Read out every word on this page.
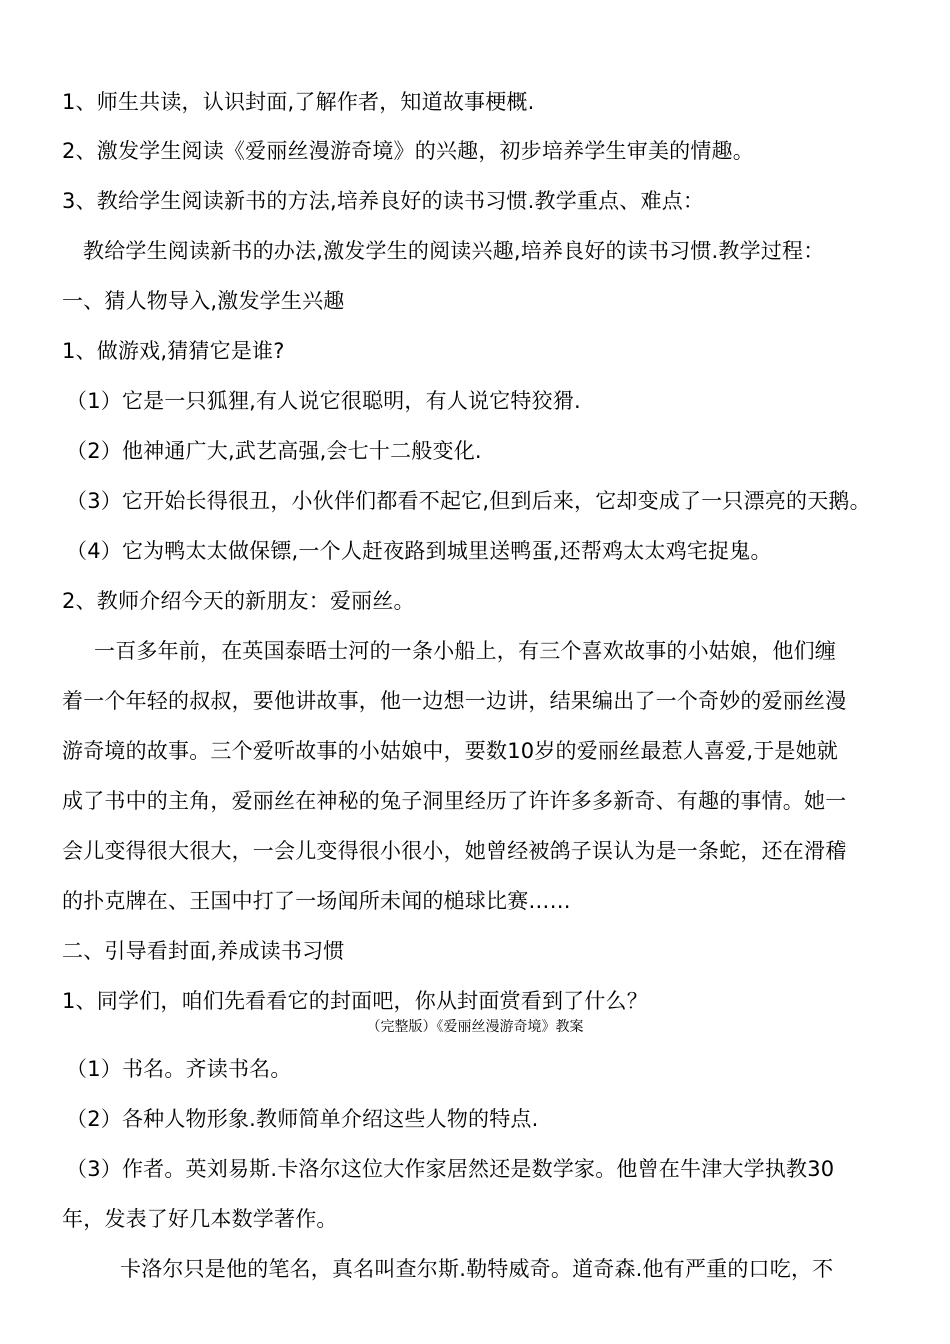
1、师生共读，认识封面,了解作者，知道故事梗概.
2、激发学生阅读《爱丽丝漫游奇境》的兴趣，初步培养学生审美的情趣。
3、教给学生阅读新书的方法,培养良好的读书习惯.教学重点、难点：
教给学生阅读新书的办法,激发学生的阅读兴趣,培养良好的读书习惯.教学过程：
一、猜人物导入,激发学生兴趣
1、做游戏,猜猜它是谁?
（1）它是一只狐狸,有人说它很聪明，有人说它特狡猾.
（2）他神通广大,武艺高强,会七十二般变化.
（3）它开始长得很丑，小伙伴们都看不起它,但到后来，它却变成了一只漂亮的天鹅。
（4）它为鸭太太做保镖,一个人赶夜路到城里送鸭蛋,还帮鸡太太鸡宅捉鬼。
2、教师介绍今天的新朋友：爱丽丝。
一百多年前，在英国泰晤士河的一条小船上，有三个喜欢故事的小姑娘，他们缠
着一个年轻的叔叔，要他讲故事，他一边想一边讲，结果编出了一个奇妙的爱丽丝漫
游奇境的故事。三个爱听故事的小姑娘中，要数10岁的爱丽丝最惹人喜爱,于是她就
成了书中的主角，爱丽丝在神秘的兔子洞里经历了许许多多新奇、有趣的事情。她一
会儿变得很大很大，一会儿变得很小很小，她曾经被鸽子误认为是一条蛇，还在滑稽
的扑克牌在、王国中打了一场闻所未闻的槌球比赛……
二、引导看封面,养成读书习惯
1、同学们，咱们先看看它的封面吧，你从封面赏看到了什么？
（完整版）《爱丽丝漫游奇境》教案
（1）书名。齐读书名。
（2）各种人物形象.教师简单介绍这些人物的特点.
（3）作者。英刘易斯.卡洛尔这位大作家居然还是数学家。他曾在牛津大学执教30
年，发表了好几本数学著作。
卡洛尔只是他的笔名，真名叫查尔斯.勒特威奇。道奇森.他有严重的口吃，不
